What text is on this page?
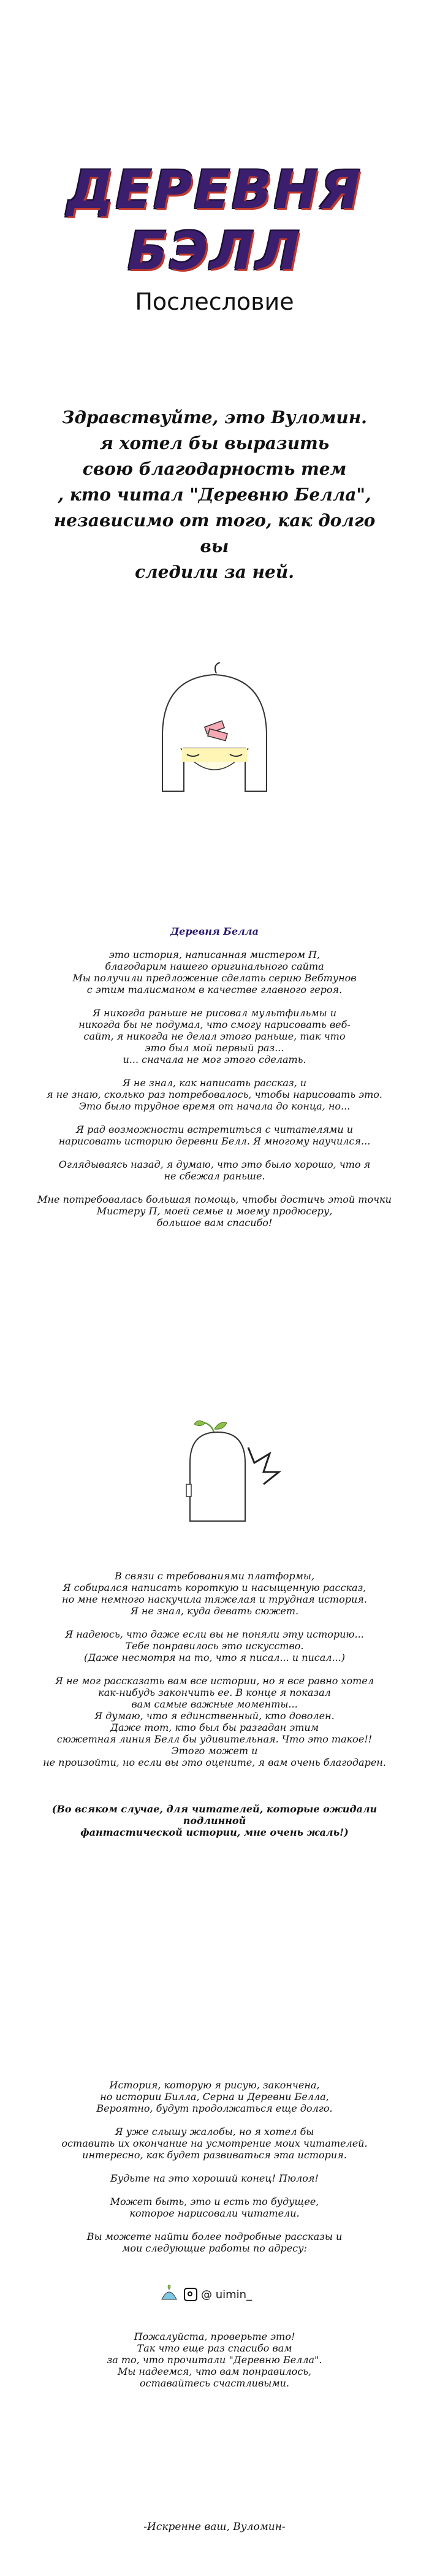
ДЕРЕВНЯ БЭЛЛ
Послесловие
Здравствуйте, это Вуломин.
я хотел бы выразить
свою благодарность тем
, кто читал "Деревню Белла",
независимо от того, как долго вы
следили за ней.

Деревня Белла

это история, написанная мистером П,
благодарим нашего оригинального сайта
Мы получили предложение сделать серию Вебтунов
с этим талисманом в качестве главного героя.

Я никогда раньше не рисовал мультфильмы и
никогда бы не подумал, что смогу нарисовать веб-
сайт, я никогда не делал этого раньше, так что
это был мой первый раз...
и... сначала не мог этого сделать.

Я не знал, как написать рассказ, и
я не знаю, сколько раз потребовалось, чтобы нарисовать это.
Это было трудное время от начала до конца, но...

Я рад возможности встретиться с читателями и
нарисовать историю деревни Белл. Я многому научился...

Оглядываясь назад, я думаю, что это было хорошо, что я
не сбежал раньше.

Мне потребовалась большая помощь, чтобы достичь этой точки
Мистеру П, моей семье и моему продюсеру,
большое вам спасибо!

В связи с требованиями платформы,
Я собирался написать короткую и насыщенную рассказ,
но мне немного наскучила тяжелая и трудная история.
Я не знал, куда девать сюжет.

Я надеюсь, что даже если вы не поняли эту историю...
Тебе понравилось это искусство.
(Даже несмотря на то, что я писал... и писал...)

Я не мог рассказать вам все истории, но я все равно хотел
как-нибудь закончить ее. В конце я показал
вам самые важные моменты...
Я думаю, что я единственный, кто доволен.
Даже тот, кто был бы разгадан этим
сюжетная линия Белл бы удивительная. Что это такое!!
Этого может и
не произойти, но если вы это оцените, я вам очень благодарен.
(Во всяком случае, для читателей, которые ожидали подлинной
фантастической истории, мне очень жаль!)
История, которую я рисую, закончена,
но истории Билла, Серна и Деревни Белла,
Вероятно, будут продолжаться еще долго.

Я уже слышу жалобы, но я хотел бы
оставить их окончание на усмотрение моих читателей.
интересно, как будет развиваться эта история.

Будьте на это хороший конец! Пюлоя!

Может быть, это и есть то будущее,
которое нарисовали читатели.

Вы можете найти более подробные рассказы и
мои следующие работы по адресу:
@ uimin_
Пожалуйста, проверьте это!
Так что еще раз спасибо вам
за то, что прочитали "Деревню Белла".
Мы надеемся, что вам понравилось,
оставайтесь счастливыми.
-Искренне ваш, Вуломин-
